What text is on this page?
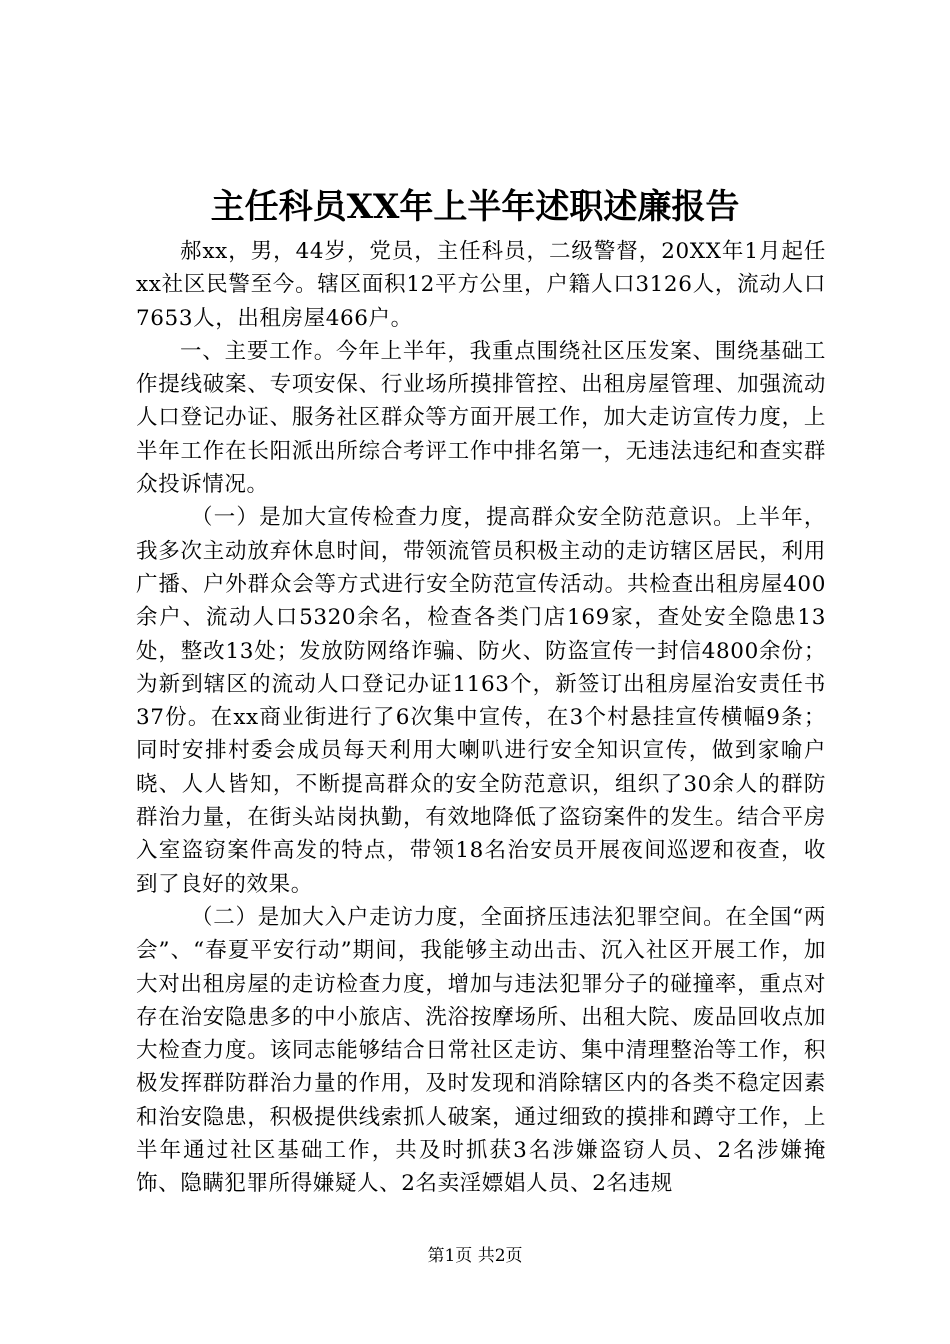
主任科员XX年上半年述职述廉报告

郝xx，男，44岁，党员，主任科员，二级警督，20XX年1月起任xx社区民警至今。辖区面积12平方公里，户籍人口3126人，流动人口7653人，出租房屋466户。

一、主要工作。今年上半年，我重点围绕社区压发案、围绕基础工作提线破案、专项安保、行业场所摸排管控、出租房屋管理、加强流动人口登记办证、服务社区群众等方面开展工作，加大走访宣传力度，上半年工作在长阳派出所综合考评工作中排名第一，无违法违纪和查实群众投诉情况。

（一）是加大宣传检查力度，提高群众安全防范意识。上半年，我多次主动放弃休息时间，带领流管员积极主动的走访辖区居民，利用广播、户外群众会等方式进行安全防范宣传活动。共检查出租房屋400余户、流动人口5320余名，检查各类门店169家，查处安全隐患13处，整改13处；发放防网络诈骗、防火、防盗宣传一封信4800余份；为新到辖区的流动人口登记办证1163个，新签订出租房屋治安责任书37份。在xx商业街进行了6次集中宣传，在3个村悬挂宣传横幅9条；同时安排村委会成员每天利用大喇叭进行安全知识宣传，做到家喻户晓、人人皆知，不断提高群众的安全防范意识，组织了30余人的群防群治力量，在街头站岗执勤，有效地降低了盗窃案件的发生。结合平房入室盗窃案件高发的特点，带领18名治安员开展夜间巡逻和夜查，收到了良好的效果。

（二）是加大入户走访力度，全面挤压违法犯罪空间。在全国“两会”、“春夏平安行动”期间，我能够主动出击、沉入社区开展工作，加大对出租房屋的走访检查力度，增加与违法犯罪分子的碰撞率，重点对存在治安隐患多的中小旅店、洗浴按摩场所、出租大院、废品回收点加大检查力度。该同志能够结合日常社区走访、集中清理整治等工作，积极发挥群防群治力量的作用，及时发现和消除辖区内的各类不稳定因素和治安隐患，积极提供线索抓人破案，通过细致的摸排和蹲守工作，上半年通过社区基础工作，共及时抓获3名涉嫌盗窃人员、2名涉嫌掩饰、隐瞒犯罪所得嫌疑人、2名卖淫嫖娼人员、2名违规

第1页 共2页
